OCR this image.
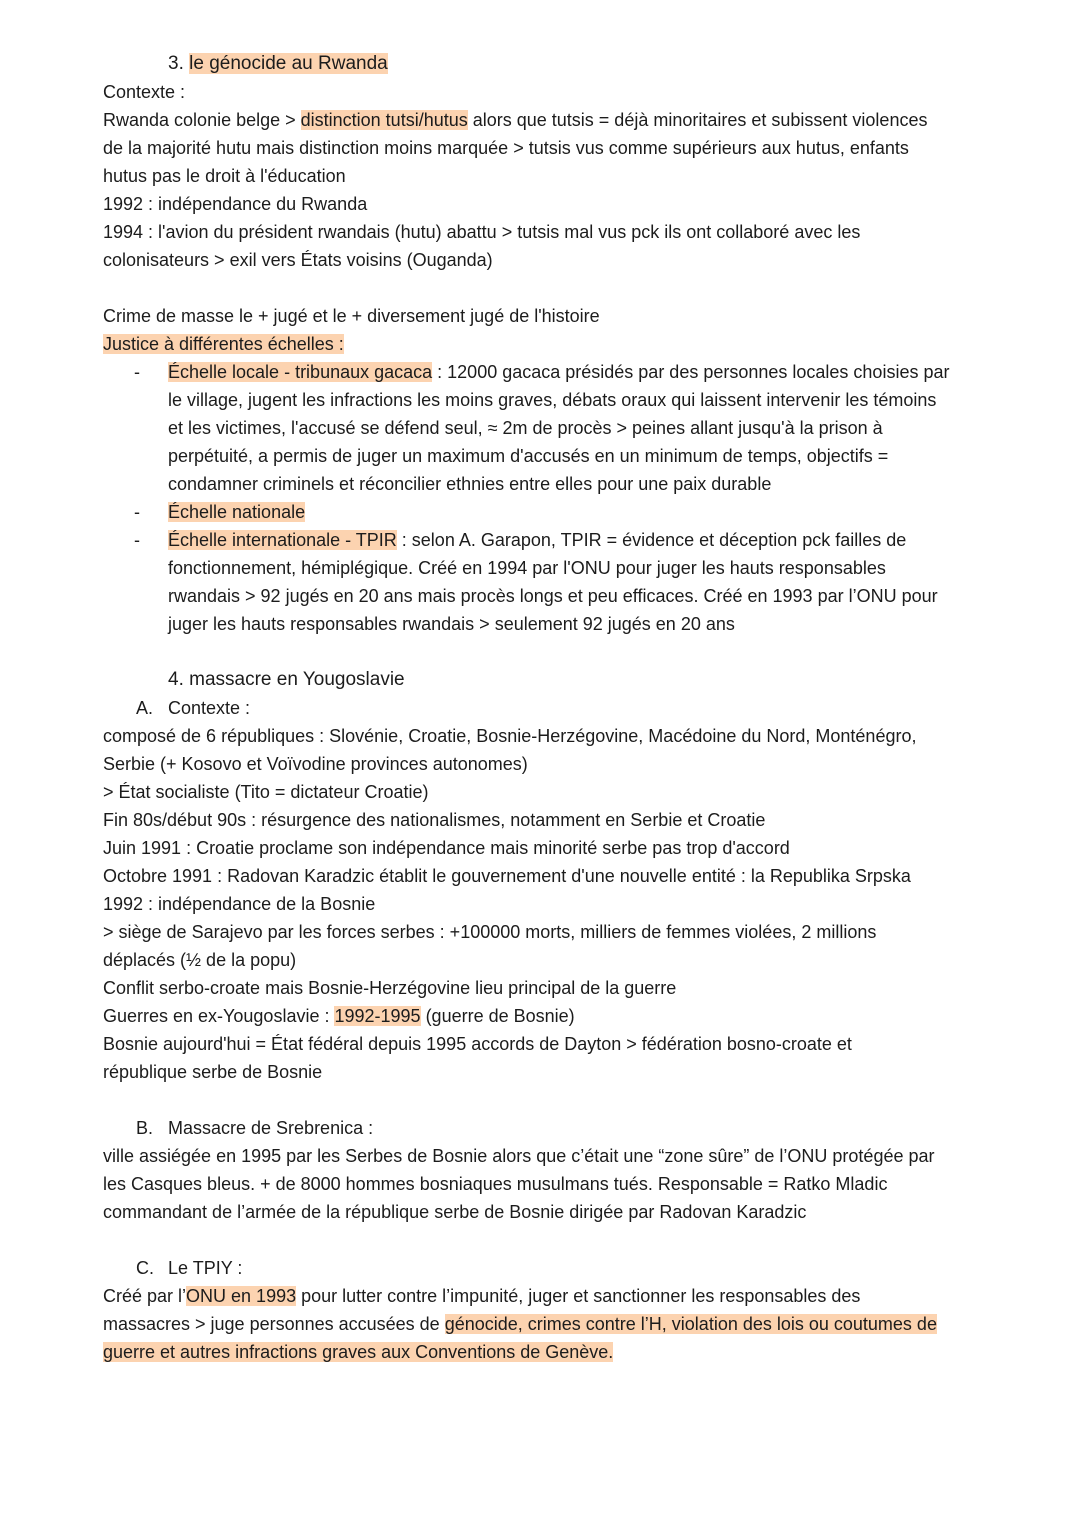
3. le génocide au Rwanda
Contexte :
Rwanda colonie belge > distinction tutsi/hutus alors que tutsis = déjà minoritaires et subissent violences
de la majorité hutu mais distinction moins marquée > tutsis vus comme supérieurs aux hutus, enfants
hutus pas le droit à l'éducation
1992 : indépendance du Rwanda
1994 : l'avion du président rwandais (hutu) abattu > tutsis mal vus pck ils ont collaboré avec les
colonisateurs > exil vers États voisins (Ouganda)
Crime de masse le + jugé et le + diversement jugé de l'histoire
Justice à différentes échelles :
- Échelle locale - tribunaux gacaca : 12000 gacaca présidés par des personnes locales choisies par
le village, jugent les infractions les moins graves, débats oraux qui laissent intervenir les témoins
et les victimes, l'accusé se défend seul, ≈ 2m de procès > peines allant jusqu'à la prison à
perpétuité, a permis de juger un maximum d'accusés en un minimum de temps, objectifs =
condamner criminels et réconcilier ethnies entre elles pour une paix durable
- Échelle nationale
- Échelle internationale - TPIR : selon A. Garapon, TPIR = évidence et déception pck failles de
fonctionnement, hémiplégique. Créé en 1994 par l'ONU pour juger les hauts responsables
rwandais > 92 jugés en 20 ans mais procès longs et peu efficaces. Créé en 1993 par l’ONU pour
juger les hauts responsables rwandais > seulement 92 jugés en 20 ans
4. massacre en Yougoslavie
A. Contexte :
composé de 6 républiques : Slovénie, Croatie, Bosnie-Herzégovine, Macédoine du Nord, Monténégro,
Serbie (+ Kosovo et Voïvodine provinces autonomes)
> État socialiste (Tito = dictateur Croatie)
Fin 80s/début 90s : résurgence des nationalismes, notamment en Serbie et Croatie
Juin 1991 : Croatie proclame son indépendance mais minorité serbe pas trop d'accord
Octobre 1991 : Radovan Karadzic établit le gouvernement d'une nouvelle entité : la Republika Srpska
1992 : indépendance de la Bosnie
> siège de Sarajevo par les forces serbes : +100000 morts, milliers de femmes violées, 2 millions
déplacés (½ de la popu)
Conflit serbo-croate mais Bosnie-Herzégovine lieu principal de la guerre
Guerres en ex-Yougoslavie : 1992-1995 (guerre de Bosnie)
Bosnie aujourd'hui = État fédéral depuis 1995 accords de Dayton > fédération bosno-croate et
république serbe de Bosnie
B. Massacre de Srebrenica :
ville assiégée en 1995 par les Serbes de Bosnie alors que c’était une “zone sûre” de l’ONU protégée par
les Casques bleus. + de 8000 hommes bosniaques musulmans tués. Responsable = Ratko Mladic
commandant de l’armée de la république serbe de Bosnie dirigée par Radovan Karadzic
C. Le TPIY :
Créé par l’ONU en 1993 pour lutter contre l’impunité, juger et sanctionner les responsables des
massacres > juge personnes accusées de génocide, crimes contre l’H, violation des lois ou coutumes de
guerre et autres infractions graves aux Conventions de Genève.
